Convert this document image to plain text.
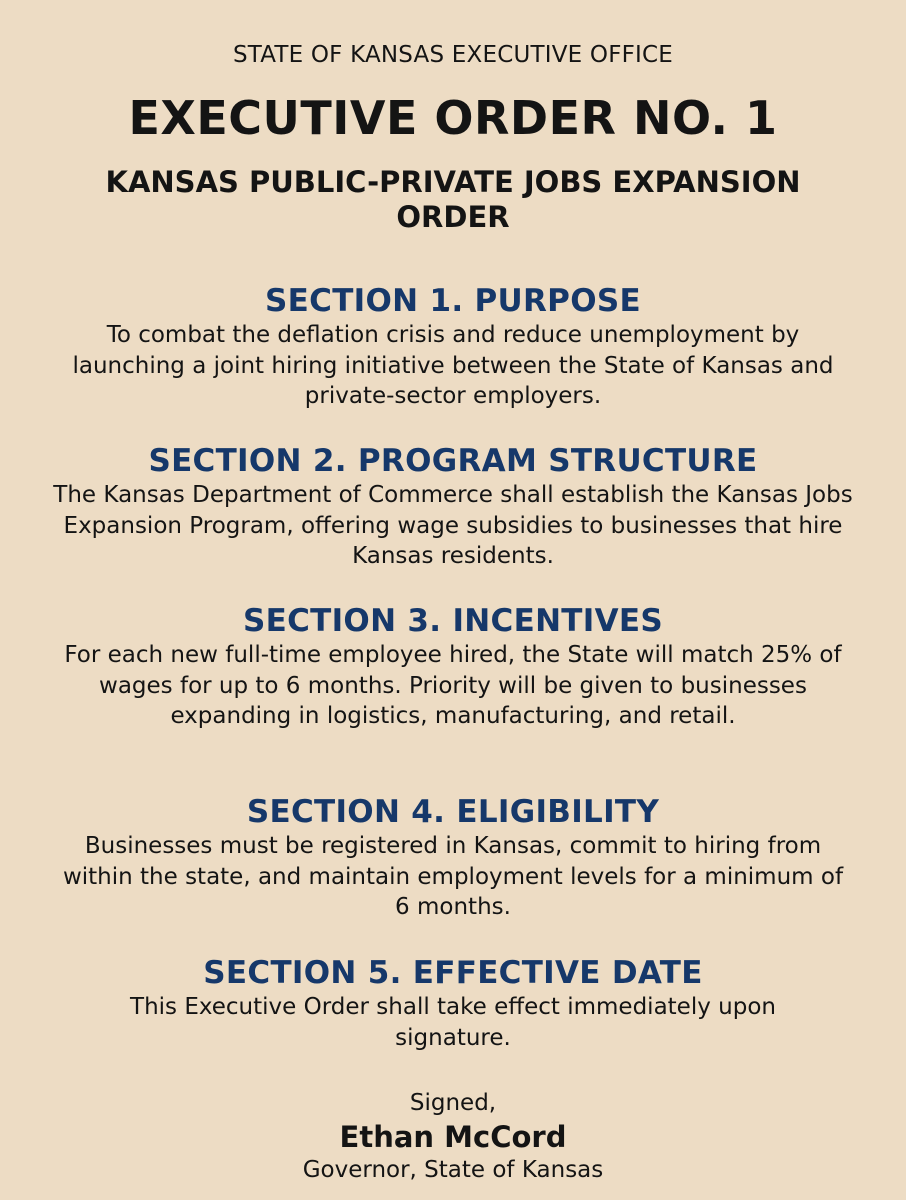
STATE OF KANSAS EXECUTIVE OFFICE
EXECUTIVE ORDER NO. 1
KANSAS PUBLIC-PRIVATE JOBS EXPANSION ORDER
SECTION 1. PURPOSE
To combat the deflation crisis and reduce unemployment by launching a joint hiring initiative between the State of Kansas and private-sector employers.
SECTION 2. PROGRAM STRUCTURE
The Kansas Department of Commerce shall establish the Kansas Jobs Expansion Program, offering wage subsidies to businesses that hire Kansas residents.
SECTION 3. INCENTIVES
For each new full-time employee hired, the State will match 25% of wages for up to 6 months. Priority will be given to businesses expanding in logistics, manufacturing, and retail.
SECTION 4. ELIGIBILITY
Businesses must be registered in Kansas, commit to hiring from within the state, and maintain employment levels for a minimum of 6 months.
SECTION 5. EFFECTIVE DATE
This Executive Order shall take effect immediately upon signature.
Signed,
Ethan McCord
Governor, State of Kansas
